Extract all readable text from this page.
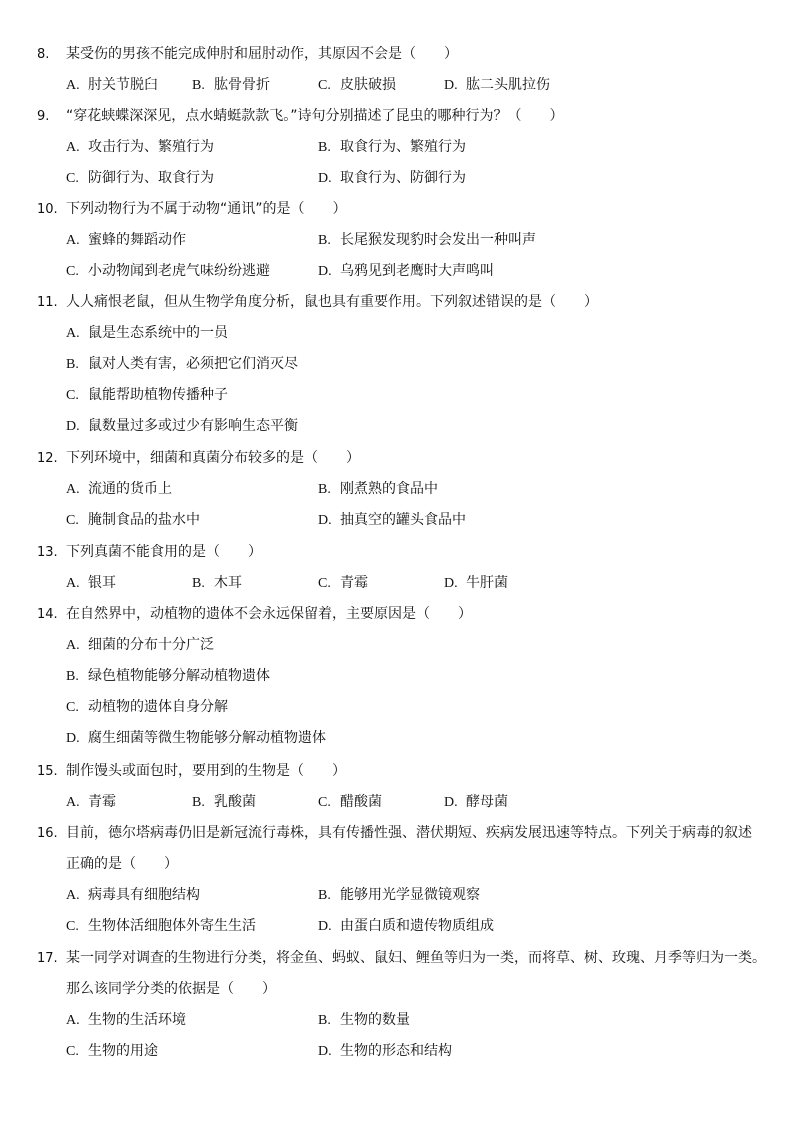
8. 某受伤的男孩不能完成伸肘和屈肘动作，其原因不会是（　　）
A. 肘关节脱臼 B. 肱骨骨折	C. 皮肤破损	D. 肱二头肌拉伤
9. “穿花蛱蝶深深见，点水蜻蜓款款飞。”诗句分别描述了昆虫的哪种行为？（　　）
A. 攻击行为、繁殖行为	B. 取食行为、繁殖行为
C. 防御行为、取食行为	D. 取食行为、防御行为
10. 下列动物行为不属于动物“通讯”的是（　　）
A. 蜜蜂的舞蹈动作	B. 长尾猴发现豹时会发出一种叫声
C. 小动物闻到老虎气味纷纷逃避	D. 乌鸦见到老鹰时大声鸣叫
11. 人人痛恨老鼠，但从生物学角度分析，鼠也具有重要作用。下列叙述错误的是（　　）
A. 鼠是生态系统中的一员
B. 鼠对人类有害，必须把它们消灭尽
C. 鼠能帮助植物传播种子
D. 鼠数量过多或过少有影响生态平衡
12. 下列环境中，细菌和真菌分布较多的是（　　）
A. 流通的货币上	B. 刚煮熟的食品中
C. 腌制食品的盐水中	D. 抽真空的罐头食品中
13. 下列真菌不能食用的是（　　）
A. 银耳	B. 木耳	C. 青霉	D. 牛肝菌
14. 在自然界中，动植物的遗体不会永远保留着，主要原因是（　　）
A. 细菌的分布十分广泛
B. 绿色植物能够分解动植物遗体
C. 动植物的遗体自身分解
D. 腐生细菌等微生物能够分解动植物遗体
15. 制作馒头或面包时，要用到的生物是（　　）
A. 青霉	B. 乳酸菌	C. 醋酸菌	D. 酵母菌
16. 目前，德尔塔病毒仍旧是新冠流行毒株，具有传播性强、潜伏期短、疾病发展迅速等特点。下列关于病毒的叙述
正确的是（　　）
A. 病毒具有细胞结构	B. 能够用光学显微镜观察
C. 生物体活细胞体外寄生生活	D. 由蛋白质和遗传物质组成
17. 某一同学对调查的生物进行分类，将金鱼、蚂蚁、鼠妇、鲤鱼等归为一类，而将草、树、玫瑰、月季等归为一类。
那么该同学分类的依据是（　　）
A. 生物的生活环境	B. 生物的数量
C. 生物的用途	D. 生物的形态和结构
